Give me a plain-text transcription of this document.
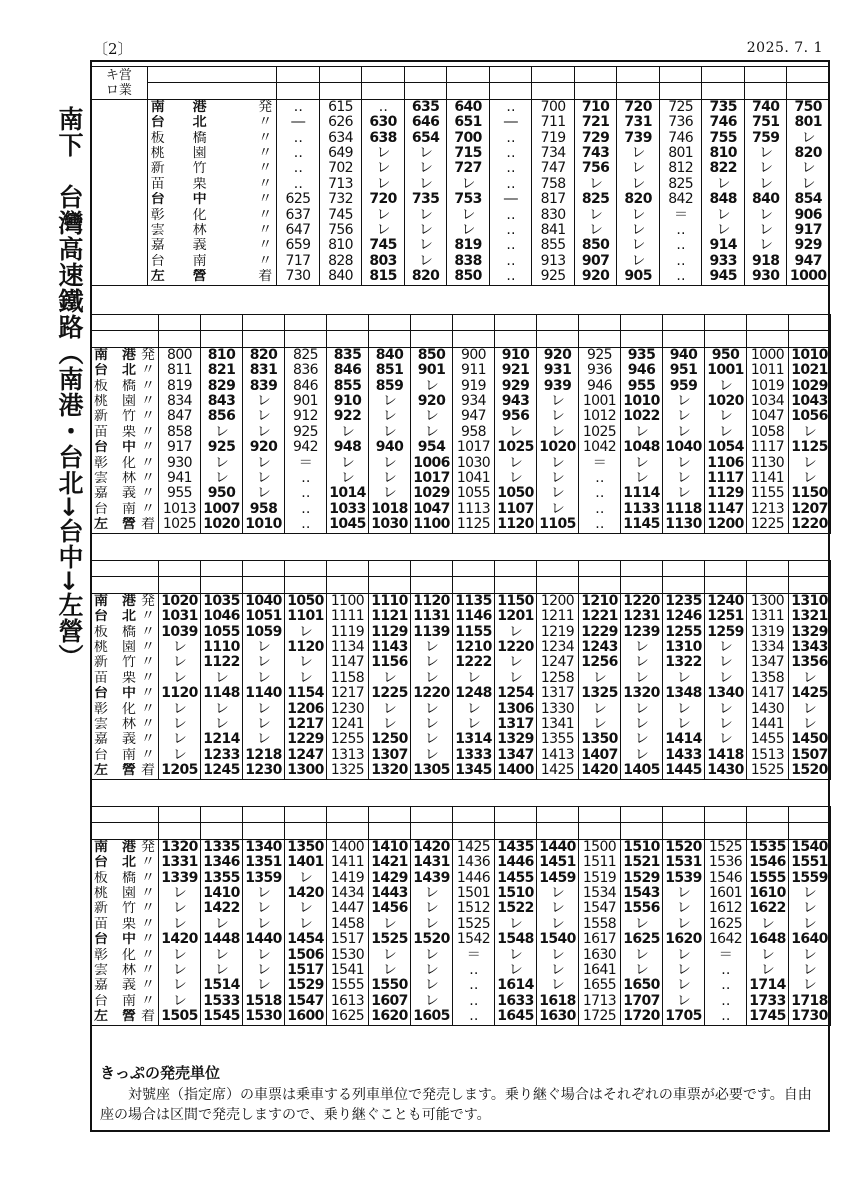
〔2〕	2025. 7. 1
南下　台灣高速鐵路（南港・台北→台中→左營）
キ営
ロ業														

	南　　港 発	‥	615	‥	635	640	‥	700	710	720	725	735	740	750
	台　　北 〃	―	626	630	646	651	―	711	721	731	736	746	751	801
	板　　橋 〃	‥	634	638	654	700	‥	719	729	739	746	755	759	レ
	桃　　園 〃	‥	649	レ	レ	715	‥	734	743	レ	801	810	レ	820
	新　　竹 〃	‥	702	レ	レ	727	‥	747	756	レ	812	822	レ	レ
	苗　　栗 〃	‥	713	レ	レ	レ	‥	758	レ	レ	825	レ	レ	レ
	台　　中 〃	625	732	720	735	753	―	817	825	820	842	848	840	854
	彰　　化 〃	637	745	レ	レ	レ	‥	830	レ	レ	＝	レ	レ	906
	雲　　林 〃	647	756	レ	レ	レ	‥	841	レ	レ	‥	レ	レ	917
	嘉　　義 〃	659	810	745	レ	819	‥	855	850	レ	‥	914	レ	929
	台　　南 〃	717	828	803	レ	838	‥	913	907	レ	‥	933	918	947
	左　　營 着	730	840	815	820	850	‥	925	920	905	‥	945	930	1000

南　港 発	800	810	820	825	835	840	850	900	910	920	925	935	940	950	1000	1010
台　北 〃	811	821	831	836	846	851	901	911	921	931	936	946	951	1001	1011	1021
板　橋 〃	819	829	839	846	855	859	レ	919	929	939	946	955	959	レ	1019	1029
桃　園 〃	834	843	レ	901	910	レ	920	934	943	レ	1001	1010	レ	1020	1034	1043
新　竹 〃	847	856	レ	912	922	レ	レ	947	956	レ	1012	1022	レ	レ	1047	1056
苗　栗 〃	858	レ	レ	925	レ	レ	レ	958	レ	レ	1025	レ	レ	レ	1058	レ
台　中 〃	917	925	920	942	948	940	954	1017	1025	1020	1042	1048	1040	1054	1117	1125
彰　化 〃	930	レ	レ	＝	レ	レ	1006	1030	レ	レ	＝	レ	レ	1106	1130	レ
雲　林 〃	941	レ	レ	‥	レ	レ	1017	1041	レ	レ	‥	レ	レ	1117	1141	レ
嘉　義 〃	955	950	レ	‥	1014	レ	1029	1055	1050	レ	‥	1114	レ	1129	1155	1150
台　南 〃	1013	1007	958	‥	1033	1018	1047	1113	1107	レ	‥	1133	1118	1147	1213	1207
左　營 着	1025	1020	1010	‥	1045	1030	1100	1125	1120	1105	‥	1145	1130	1200	1225	1220

南　港 発	1020	1035	1040	1050	1100	1110	1120	1135	1150	1200	1210	1220	1235	1240	1300	1310
台　北 〃	1031	1046	1051	1101	1111	1121	1131	1146	1201	1211	1221	1231	1246	1251	1311	1321
板　橋 〃	1039	1055	1059	レ	1119	1129	1139	1155	レ	1219	1229	1239	1255	1259	1319	1329
桃　園 〃	レ	1110	レ	1120	1134	1143	レ	1210	1220	1234	1243	レ	1310	レ	1334	1343
新　竹 〃	レ	1122	レ	レ	1147	1156	レ	1222	レ	1247	1256	レ	1322	レ	1347	1356
苗　栗 〃	レ	レ	レ	レ	1158	レ	レ	レ	レ	1258	レ	レ	レ	レ	1358	レ
台　中 〃	1120	1148	1140	1154	1217	1225	1220	1248	1254	1317	1325	1320	1348	1340	1417	1425
彰　化 〃	レ	レ	レ	1206	1230	レ	レ	レ	1306	1330	レ	レ	レ	レ	1430	レ
雲　林 〃	レ	レ	レ	1217	1241	レ	レ	レ	1317	1341	レ	レ	レ	レ	1441	レ
嘉　義 〃	レ	1214	レ	1229	1255	1250	レ	1314	1329	1355	1350	レ	1414	レ	1455	1450
台　南 〃	レ	1233	1218	1247	1313	1307	レ	1333	1347	1413	1407	レ	1433	1418	1513	1507
左　營 着	1205	1245	1230	1300	1325	1320	1305	1345	1400	1425	1420	1405	1445	1430	1525	1520

南　港 発	1320	1335	1340	1350	1400	1410	1420	1425	1435	1440	1500	1510	1520	1525	1535	1540
台　北 〃	1331	1346	1351	1401	1411	1421	1431	1436	1446	1451	1511	1521	1531	1536	1546	1551
板　橋 〃	1339	1355	1359	レ	1419	1429	1439	1446	1455	1459	1519	1529	1539	1546	1555	1559
桃　園 〃	レ	1410	レ	1420	1434	1443	レ	1501	1510	レ	1534	1543	レ	1601	1610	レ
新　竹 〃	レ	1422	レ	レ	1447	1456	レ	1512	1522	レ	1547	1556	レ	1612	1622	レ
苗　栗 〃	レ	レ	レ	レ	1458	レ	レ	1525	レ	レ	1558	レ	レ	1625	レ	レ
台　中 〃	1420	1448	1440	1454	1517	1525	1520	1542	1548	1540	1617	1625	1620	1642	1648	1640
彰　化 〃	レ	レ	レ	1506	1530	レ	レ	＝	レ	レ	1630	レ	レ	＝	レ	レ
雲　林 〃	レ	レ	レ	1517	1541	レ	レ	‥	レ	レ	1641	レ	レ	‥	レ	レ
嘉　義 〃	レ	1514	レ	1529	1555	1550	レ	‥	1614	レ	1655	1650	レ	‥	1714	レ
台　南 〃	レ	1533	1518	1547	1613	1607	レ	‥	1633	1618	1713	1707	レ	‥	1733	1718
左　營 着	1505	1545	1530	1600	1625	1620	1605	‥	1645	1630	1725	1720	1705	‥	1745	1730
きっぷの発売単位
対號座（指定席）の車票は乗車する列車単位で発売します。乗り継ぐ場合はそれぞれの車票が必要です。自由座の場合は区間で発売しますので、乗り継ぐことも可能です。
